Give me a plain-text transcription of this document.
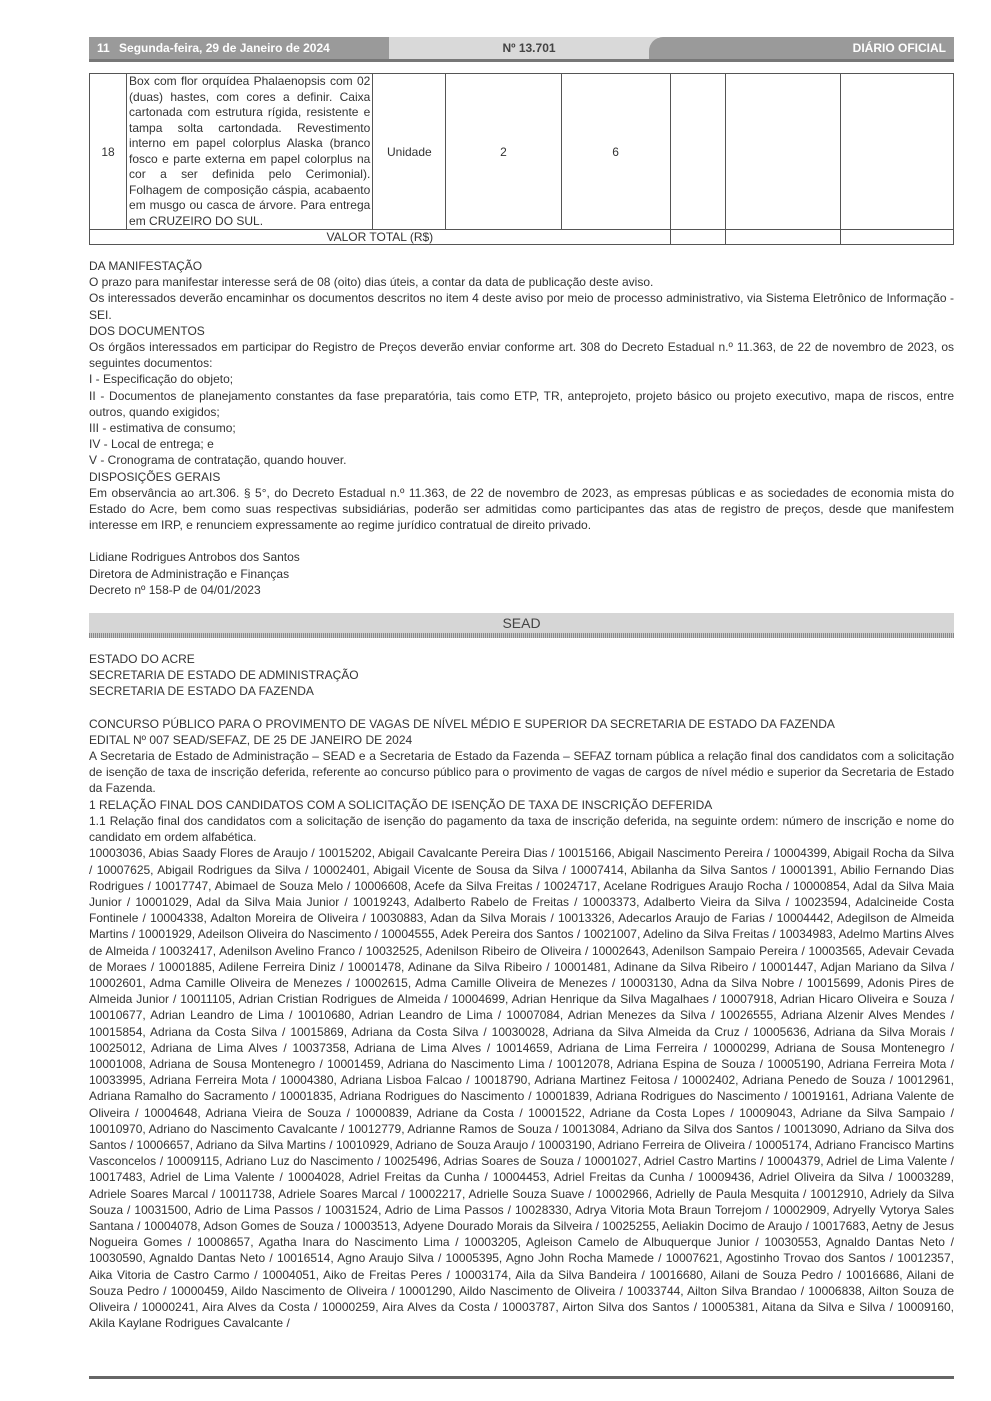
11 Segunda-feira, 29 de Janeiro de 2024	Nº 13.701	DIÁRIO OFICIAL
18	Box com flor orquídea Phalaenopsis com 02 (duas) hastes, com cores a definir. Caixa cartonada com estrutura rígida, resistente e tampa solta cartondada. Revestimento interno em papel colorplus Alaska (branco fosco e parte externa em papel colorplus na cor a ser definida pelo Cerimonial). Folhagem de composição cáspia, acabaento em musgo ou casca de árvore. Para entrega em CRUZEIRO DO SUL.	Unidade	2	6			
VALOR TOTAL (R$)							

DA MANIFESTAÇÃO

O prazo para manifestar interesse será de 08 (oito) dias úteis, a contar da data de publicação deste aviso.

Os interessados deverão encaminhar os documentos descritos no item 4 deste aviso por meio de processo administrativo, via Sistema Eletrônico de Informação -SEI.

DOS DOCUMENTOS

Os órgãos interessados em participar do Registro de Preços deverão enviar conforme art. 308 do Decreto Estadual n.º 11.363, de 22 de novembro de 2023, os seguintes documentos:

I - Especificação do objeto;

II - Documentos de planejamento constantes da fase preparatória, tais como ETP, TR, anteprojeto, projeto básico ou projeto executivo, mapa de riscos, entre outros, quando exigidos;

III - estimativa de consumo;

IV - Local de entrega; e

V - Cronograma de contratação, quando houver.

DISPOSIÇÕES GERAIS

Em observância ao art.306. § 5°, do Decreto Estadual n.º 11.363, de 22 de novembro de 2023, as empresas públicas e as sociedades de economia mista do Estado do Acre, bem como suas respectivas subsidiárias, poderão ser admitidas como participantes das atas de registro de preços, desde que manifestem interesse em IRP, e renunciem expressamente ao regime jurídico contratual de direito privado.

Lidiane Rodrigues Antrobos dos Santos

Diretora de Administração e Finanças

Decreto nº 158-P de 04/01/2023

SEAD

ESTADO DO ACRE

SECRETARIA DE ESTADO DE ADMINISTRAÇÃO

SECRETARIA DE ESTADO DA FAZENDA

CONCURSO PÚBLICO PARA O PROVIMENTO DE VAGAS DE NÍVEL MÉDIO E SUPERIOR DA SECRETARIA DE ESTADO DA FAZENDA

EDITAL Nº 007 SEAD/SEFAZ, DE 25 DE JANEIRO DE 2024

A Secretaria de Estado de Administração – SEAD e a Secretaria de Estado da Fazenda – SEFAZ tornam pública a relação final dos candidatos com a solicitação de isenção de taxa de inscrição deferida, referente ao concurso público para o provimento de vagas de cargos de nível médio e superior da Secretaria de Estado da Fazenda.

1 RELAÇÃO FINAL DOS CANDIDATOS COM A SOLICITAÇÃO DE ISENÇÃO DE TAXA DE INSCRIÇÃO DEFERIDA

1.1 Relação final dos candidatos com a solicitação de isenção do pagamento da taxa de inscrição deferida, na seguinte ordem: número de inscrição e nome do candidato em ordem alfabética.

10003036, Abias Saady Flores de Araujo / 10015202, Abigail Cavalcante Pereira Dias / 10015166, Abigail Nascimento Pereira / 10004399, Abigail Rocha da Silva / 10007625, Abigail Rodrigues da Silva / 10002401, Abigail Vicente de Sousa da Silva / 10007414, Abilanha da Silva Santos / 10001391, Abilio Fernando Dias Rodrigues / 10017747, Abimael de Souza Melo / 10006608, Acefe da Silva Freitas / 10024717, Acelane Rodrigues Araujo Rocha / 10000854, Adal da Silva Maia Junior / 10001029, Adal da Silva Maia Junior / 10019243, Adalberto Rabelo de Freitas / 10003373, Adalberto Vieira da Silva / 10023594, Adalcineide Costa Fontinele / 10004338, Adalton Moreira de Oliveira / 10030883, Adan da Silva Morais / 10013326, Adecarlos Araujo de Farias / 10004442, Adegilson de Almeida Martins / 10001929, Adeilson Oliveira do Nascimento / 10004555, Adek Pereira dos Santos / 10021007, Adelino da Silva Freitas / 10034983, Adelmo Martins Alves de Almeida / 10032417, Adenilson Avelino Franco / 10032525, Adenilson Ribeiro de Oliveira / 10002643, Adenilson Sampaio Pereira / 10003565, Adevair Cevada de Moraes / 10001885, Adilene Ferreira Diniz / 10001478, Adinane da Silva Ribeiro / 10001481, Adinane da Silva Ribeiro / 10001447, Adjan Mariano da Silva / 10002601, Adma Camille Oliveira de Menezes / 10002615, Adma Camille Oliveira de Menezes / 10003130, Adna da Silva Nobre / 10015699, Adonis Pires de Almeida Junior / 10011105, Adrian Cristian Rodrigues de Almeida / 10004699, Adrian Henrique da Silva Magalhaes / 10007918, Adrian Hicaro Oliveira e Souza / 10010677, Adrian Leandro de Lima / 10010680, Adrian Leandro de Lima / 10007084, Adrian Menezes da Silva / 10026555, Adriana Alzenir Alves Mendes / 10015854, Adriana da Costa Silva / 10015869, Adriana da Costa Silva / 10030028, Adriana da Silva Almeida da Cruz / 10005636, Adriana da Silva Morais / 10025012, Adriana de Lima Alves / 10037358, Adriana de Lima Alves / 10014659, Adriana de Lima Ferreira / 10000299, Adriana de Sousa Montenegro / 10001008, Adriana de Sousa Montenegro / 10001459, Adriana do Nascimento Lima / 10012078, Adriana Espina de Souza / 10005190, Adriana Ferreira Mota / 10033995, Adriana Ferreira Mota / 10004380, Adriana Lisboa Falcao / 10018790, Adriana Martinez Feitosa / 10002402, Adriana Penedo de Souza / 10012961, Adriana Ramalho do Sacramento / 10001835, Adriana Rodrigues do Nascimento / 10001839, Adriana Rodrigues do Nascimento / 10019161, Adriana Valente de Oliveira / 10004648, Adriana Vieira de Souza / 10000839, Adriane da Costa / 10001522, Adriane da Costa Lopes / 10009043, Adriane da Silva Sampaio / 10010970, Adriano do Nascimento Cavalcante / 10012779, Adrianne Ramos de Souza / 10013084, Adriano da Silva dos Santos / 10013090, Adriano da Silva dos Santos / 10006657, Adriano da Silva Martins / 10010929, Adriano de Souza Araujo / 10003190, Adriano Ferreira de Oliveira / 10005174, Adriano Francisco Martins Vasconcelos / 10009115, Adriano Luz do Nascimento / 10025496, Adrias Soares de Souza / 10001027, Adriel Castro Martins / 10004379, Adriel de Lima Valente / 10017483, Adriel de Lima Valente / 10004028, Adriel Freitas da Cunha / 10004453, Adriel Freitas da Cunha / 10009436, Adriel Oliveira da Silva / 10003289, Adriele Soares Marcal / 10011738, Adriele Soares Marcal / 10002217, Adrielle Souza Suave / 10002966, Adrielly de Paula Mesquita / 10012910, Adriely da Silva Souza / 10031500, Adrio de Lima Passos / 10031524, Adrio de Lima Passos / 10028330, Adrya Vitoria Mota Braun Torrejom / 10002909, Adryelly Vytorya Sales Santana / 10004078, Adson Gomes de Souza / 10003513, Adyene Dourado Morais da Silveira / 10025255, Aeliakin Docimo de Araujo / 10017683, Aetny de Jesus Nogueira Gomes / 10008657, Agatha Inara do Nascimento Lima / 10003205, Agleison Camelo de Albuquerque Junior / 10030553, Agnaldo Dantas Neto / 10030590, Agnaldo Dantas Neto / 10016514, Agno Araujo Silva / 10005395, Agno John Rocha Mamede / 10007621, Agostinho Trovao dos Santos / 10012357, Aika Vitoria de Castro Carmo / 10004051, Aiko de Freitas Peres / 10003174, Aila da Silva Bandeira / 10016680, Ailani de Souza Pedro / 10016686, Ailani de Souza Pedro / 10000459, Aildo Nascimento de Oliveira / 10001290, Aildo Nascimento de Oliveira / 10033744, Ailton Silva Brandao / 10006838, Ailton Souza de Oliveira / 10000241, Aira Alves da Costa / 10000259, Aira Alves da Costa / 10003787, Airton Silva dos Santos / 10005381, Aitana da Silva e Silva / 10009160, Akila Kaylane Rodrigues Cavalcante /
